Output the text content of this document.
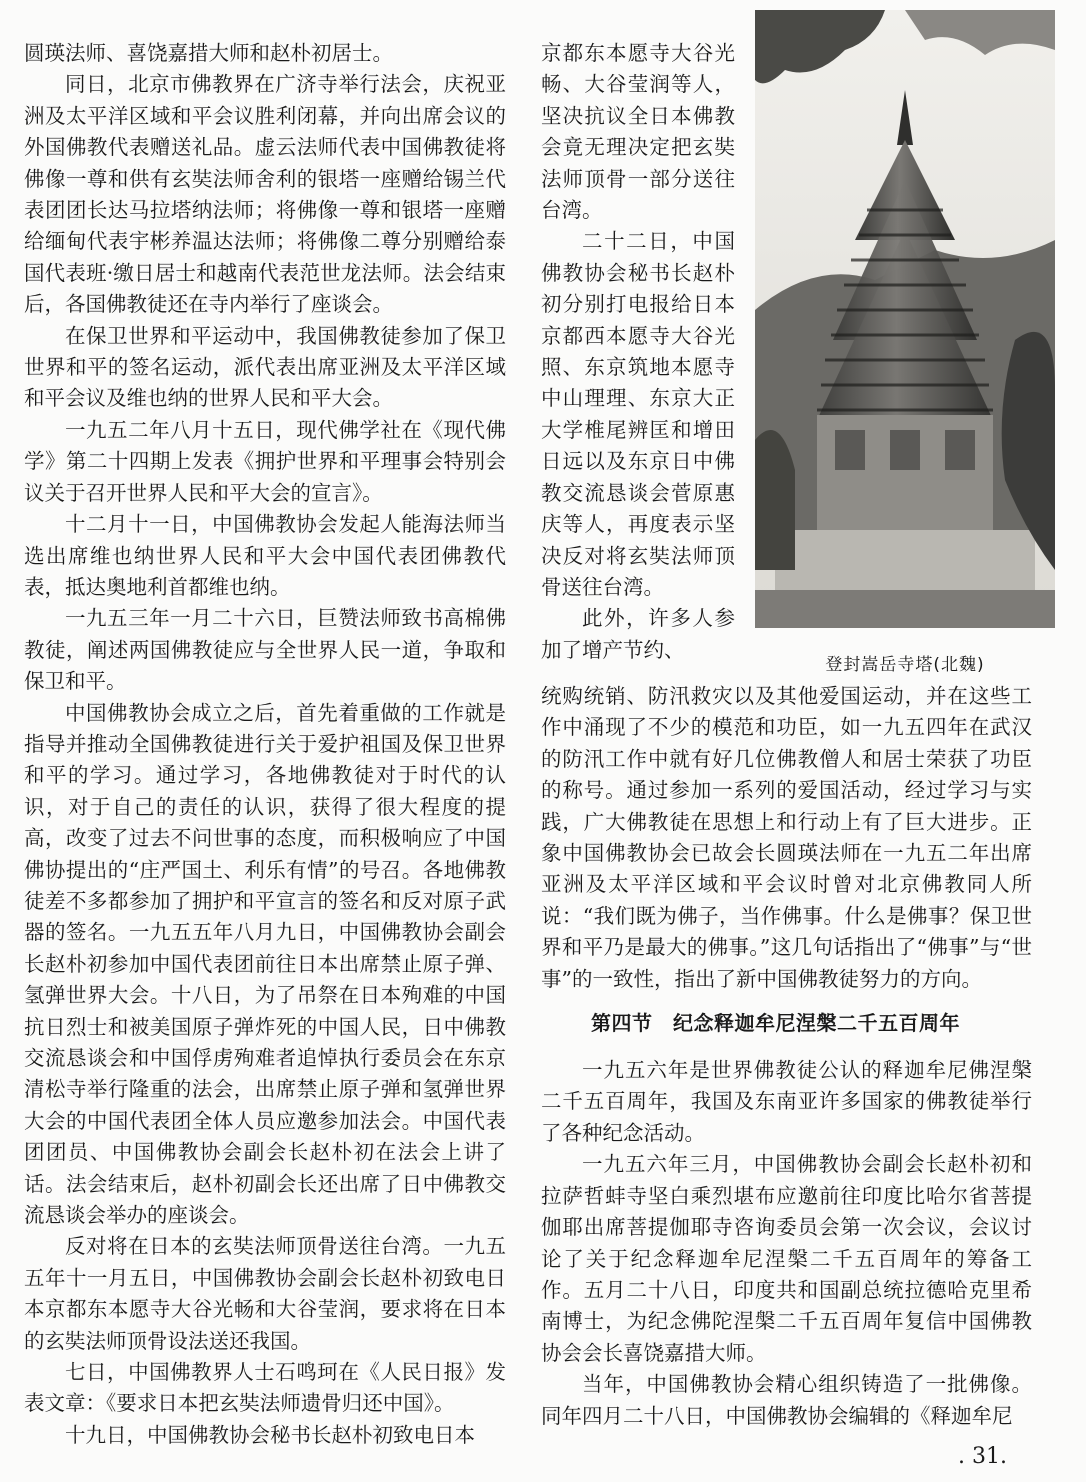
圆瑛法师、喜饶嘉措大师和赵朴初居士。

同日，北京市佛教界在广济寺举行法会，庆祝亚洲及太平洋区域和平会议胜利闭幕，并向出席会议的外国佛教代表赠送礼品。虚云法师代表中国佛教徒将佛像一尊和供有玄奘法师舍利的银塔一座赠给锡兰代表团团长达马拉塔纳法师；将佛像一尊和银塔一座赠给缅甸代表宇彬养温达法师；将佛像二尊分别赠给泰国代表班·缴日居士和越南代表范世龙法师。法会结束后，各国佛教徒还在寺内举行了座谈会。

在保卫世界和平运动中，我国佛教徒参加了保卫世界和平的签名运动，派代表出席亚洲及太平洋区域和平会议及维也纳的世界人民和平大会。

一九五二年八月十五日，现代佛学社在《现代佛学》第二十四期上发表《拥护世界和平理事会特别会议关于召开世界人民和平大会的宣言》。

十二月十一日，中国佛教协会发起人能海法师当选出席维也纳世界人民和平大会中国代表团佛教代表，抵达奥地利首都维也纳。

一九五三年一月二十六日，巨赞法师致书高棉佛教徒，阐述两国佛教徒应与全世界人民一道，争取和保卫和平。

中国佛教协会成立之后，首先着重做的工作就是指导并推动全国佛教徒进行关于爱护祖国及保卫世界和平的学习。通过学习，各地佛教徒对于时代的认识，对于自己的责任的认识，获得了很大程度的提高，改变了过去不问世事的态度，而积极响应了中国佛协提出的“庄严国土、利乐有情”的号召。各地佛教徒差不多都参加了拥护和平宣言的签名和反对原子武器的签名。一九五五年八月九日，中国佛教协会副会长赵朴初参加中国代表团前往日本出席禁止原子弹、氢弹世界大会。十八日，为了吊祭在日本殉难的中国抗日烈士和被美国原子弹炸死的中国人民，日中佛教交流恳谈会和中国俘虏殉难者追悼执行委员会在东京清松寺举行隆重的法会，出席禁止原子弹和氢弹世界大会的中国代表团全体人员应邀参加法会。中国代表团团员、中国佛教协会副会长赵朴初在法会上讲了话。法会结束后，赵朴初副会长还出席了日中佛教交流恳谈会举办的座谈会。

反对将在日本的玄奘法师顶骨送往台湾。一九五五年十一月五日，中国佛教协会副会长赵朴初致电日本京都东本愿寺大谷光畅和大谷莹润，要求将在日本的玄奘法师顶骨设法送还我国。

七日，中国佛教界人士石鸣珂在《人民日报》发表文章：《要求日本把玄奘法师遗骨归还中国》。

十九日，中国佛教协会秘书长赵朴初致电日本

京都东本愿寺大谷光畅、大谷莹润等人，坚决抗议全日本佛教会竟无理决定把玄奘法师顶骨一部分送往台湾。

二十二日，中国佛教协会秘书长赵朴初分别打电报给日本京都西本愿寺大谷光照、东京筑地本愿寺中山理理、东京大正大学椎尾辨匡和增田日远以及东京日中佛教交流恳谈会菅原惠庆等人，再度表示坚决反对将玄奘法师顶骨送往台湾。

此外，许多人参加了增产节约、

登封嵩岳寺塔(北魏)

统购统销、防汛救灾以及其他爱国运动，并在这些工作中涌现了不少的模范和功臣，如一九五四年在武汉的防汛工作中就有好几位佛教僧人和居士荣获了功臣的称号。通过参加一系列的爱国活动，经过学习与实践，广大佛教徒在思想上和行动上有了巨大进步。正象中国佛教协会已故会长圆瑛法师在一九五二年出席亚洲及太平洋区域和平会议时曾对北京佛教同人所说：“我们既为佛子，当作佛事。什么是佛事？保卫世界和平乃是最大的佛事。”这几句话指出了“佛事”与“世事”的一致性，指出了新中国佛教徒努力的方向。

第四节　纪念释迦牟尼涅槃二千五百周年

一九五六年是世界佛教徒公认的释迦牟尼佛涅槃二千五百周年，我国及东南亚许多国家的佛教徒举行了各种纪念活动。

一九五六年三月，中国佛教协会副会长赵朴初和拉萨哲蚌寺坚白乘烈堪布应邀前往印度比哈尔省菩提伽耶出席菩提伽耶寺咨询委员会第一次会议，会议讨论了关于纪念释迦牟尼涅槃二千五百周年的筹备工作。五月二十八日，印度共和国副总统拉德哈克里希南博士，为纪念佛陀涅槃二千五百周年复信中国佛教协会会长喜饶嘉措大师。

当年，中国佛教协会精心组织铸造了一批佛像。同年四月二十八日，中国佛教协会编辑的《释迦牟尼

. 31.
